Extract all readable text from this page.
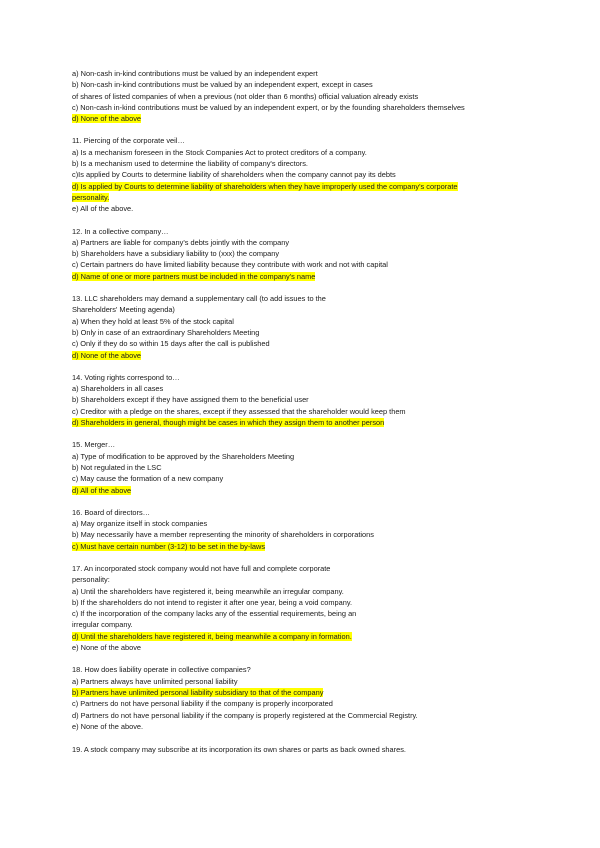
a) Non-cash in-kind contributions must be valued by an independent expert
b) Non-cash in-kind contributions must be valued by an independent expert, except in cases
of shares of listed companies of when a previous (not older than 6 months) official valuation already exists
c) Non-cash in-kind contributions must be valued by an independent expert, or by the founding shareholders themselves
d) None of the above
11. Piercing of the corporate veil…
a) Is a mechanism foreseen in the Stock Companies Act to protect creditors of a company.
b) Is a mechanism used to determine the liability of company's directors.
c)Is applied by Courts to determine liability of shareholders when the company cannot pay its debts
d) Is applied by Courts to determine liability of shareholders when they have improperly used the company's corporate
personality.
e) All of the above.
12. In a collective company…
a) Partners are liable for company's debts jointly with the company
b) Shareholders have a subsidiary liability to (xxx) the company
c) Certain partners do have limited liability because they contribute with work and not with capital
d) Name of one or more partners must be included in the company's name
13. LLC shareholders may demand a supplementary call (to add issues to the
Shareholders' Meeting agenda)
a) When they hold at least 5% of the stock capital
b) Only in case of an extraordinary Shareholders Meeting
c) Only if they do so within 15 days after the call is published
d) None of the above
14. Voting rights correspond to…
a) Shareholders in all cases
b) Shareholders except if they have assigned them to the beneficial user
c) Creditor with a pledge on the shares, except if they assessed that the shareholder would keep them
d) Shareholders in general, though might be cases in which they assign them to another person
15. Merger…
a) Type of modification to be approved by the Shareholders Meeting
b) Not regulated in the LSC
c) May cause the formation of a new company
d) All of the above
16. Board of directors…
a) May organize itself in stock companies
b) May necessarily have a member representing the minority of shareholders in corporations
c) Must have certain number (3-12) to be set in the by-laws
17. An incorporated stock company would not have full and complete corporate
personality:
a) Until the shareholders have registered it, being meanwhile an irregular company.
b) If the shareholders do not intend to register it after one year, being a void company.
c) If the incorporation of the company lacks any of the essential requirements, being an
irregular company.
d) Until the shareholders have registered it, being meanwhile a company in formation.
e) None of the above
18. How does liability operate in collective companies?
a) Partners always have unlimited personal liability
b) Partners have unlimited personal liability subsidiary to that of the company
c) Partners do not have personal liability if the company is properly incorporated
d) Partners do not have personal liability if the company is properly registered at the Commercial Registry.
e) None of the above.
19. A stock company may subscribe at its incorporation its own shares or parts as back owned shares.
